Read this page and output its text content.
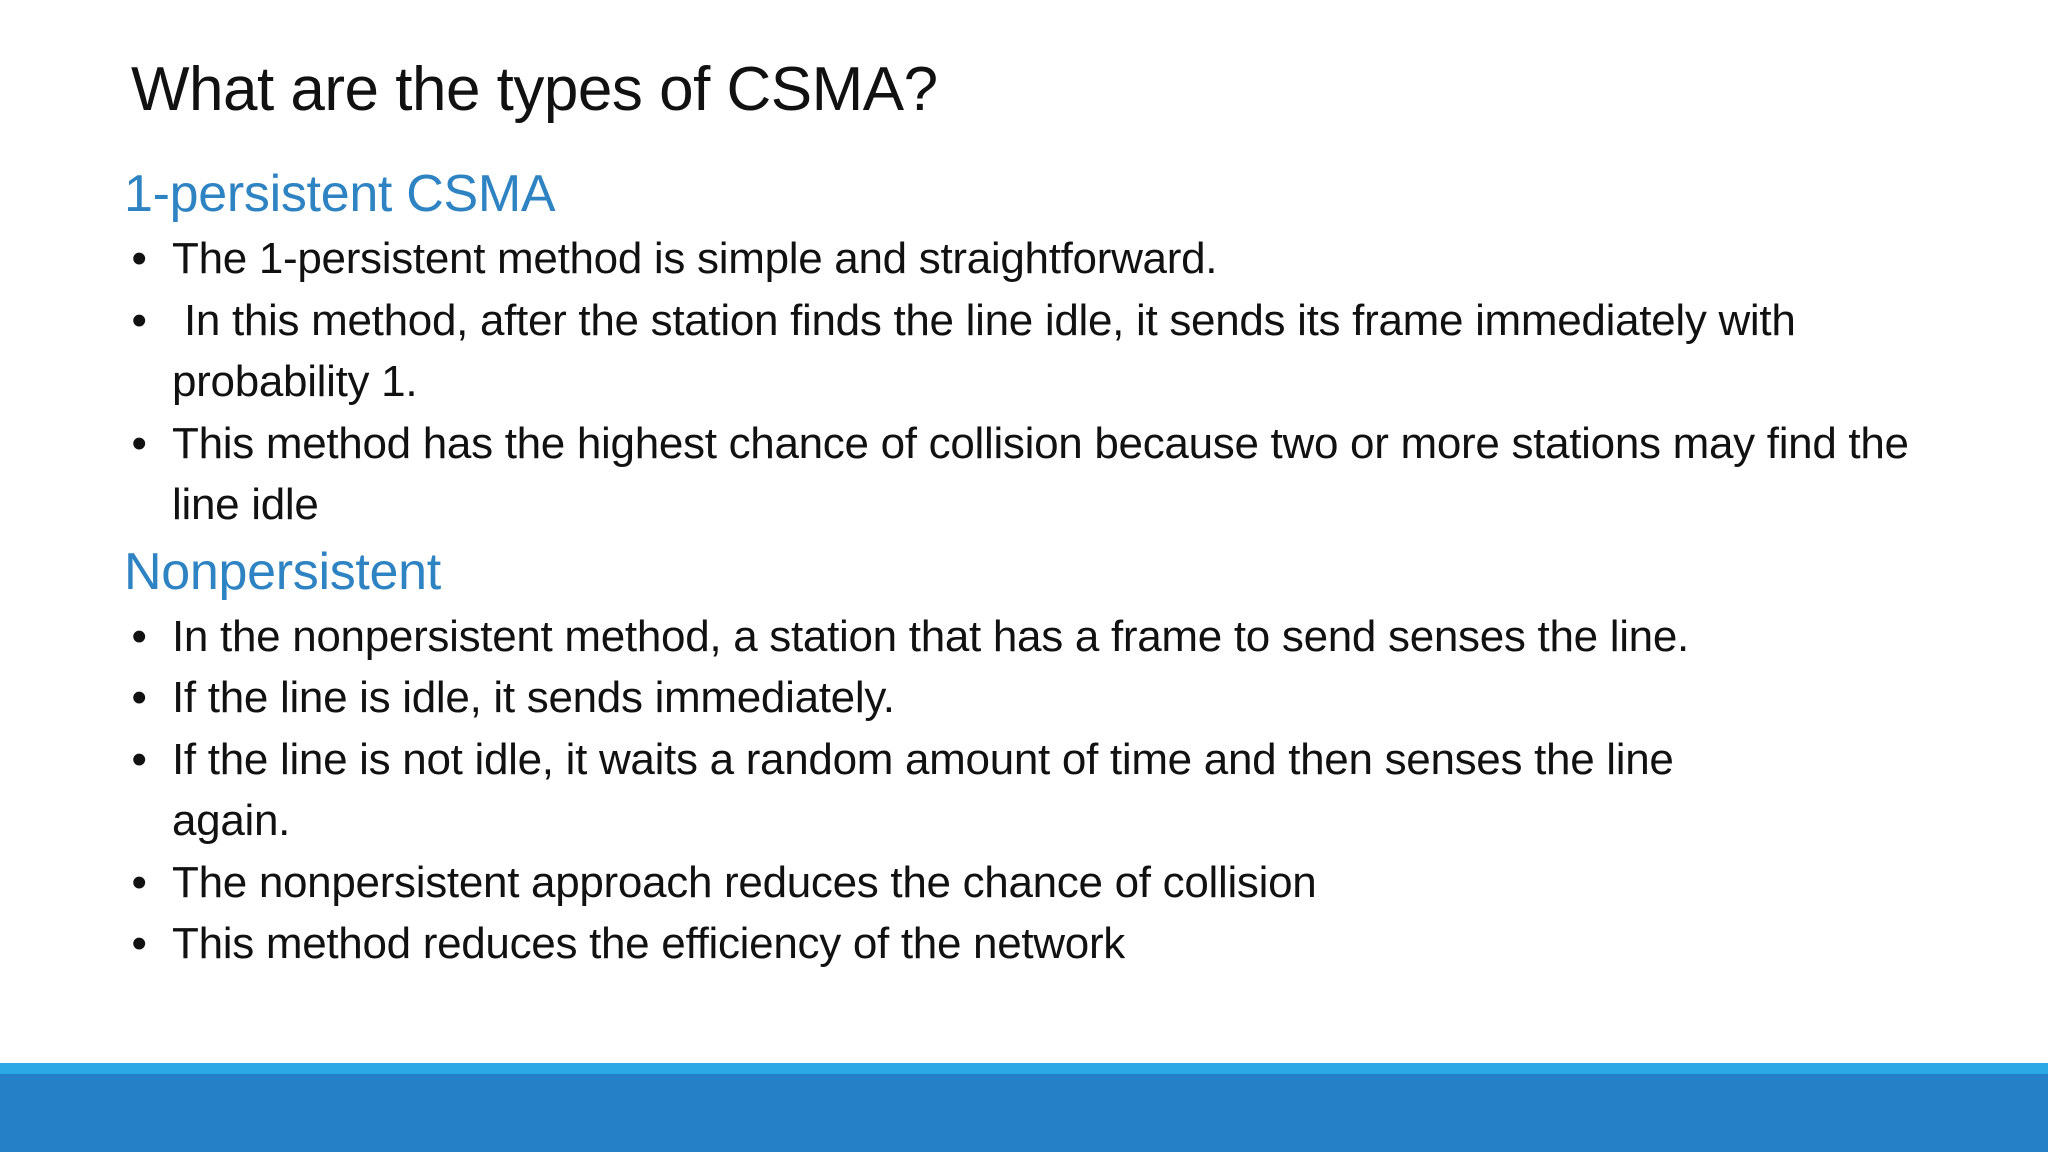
What are the types of CSMA?
1-persistent CSMA
• The 1-persistent method is simple and straightforward.
• In this method, after the station finds the line idle, it sends its frame immediately with probability 1.
• This method has the highest chance of collision because two or more stations may find the line idle
Nonpersistent
• In the nonpersistent method, a station that has a frame to send senses the line.
• If the line is idle, it sends immediately.
• If the line is not idle, it waits a random amount of time and then senses the line again.
• The nonpersistent approach reduces the chance of collision
• This method reduces the efficiency of the network
